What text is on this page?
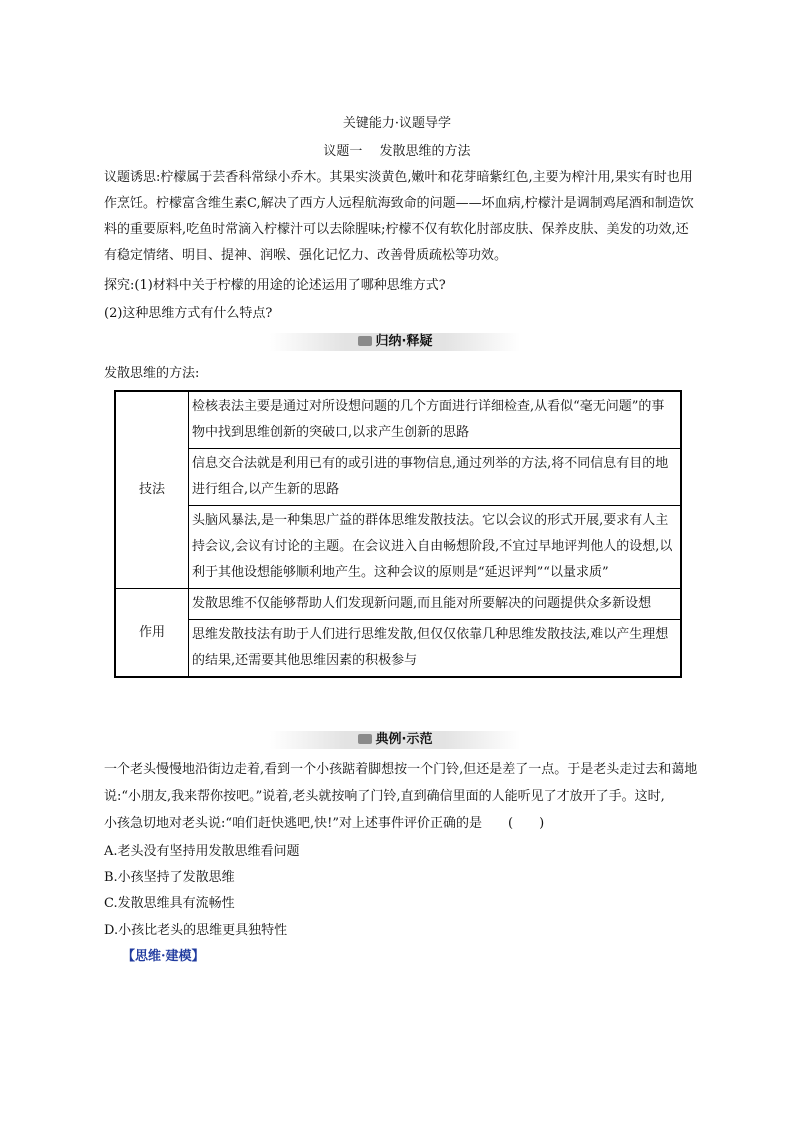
关键能力·议题导学
议题一　 发散思维的方法
议题诱思:柠檬属于芸香科常绿小乔木。其果实淡黄色,嫩叶和花芽暗紫红色,主要为榨汁用,果实有时也用
作烹饪。柠檬富含维生素C,解决了西方人远程航海致命的问题——坏血病,柠檬汁是调制鸡尾酒和制造饮
料的重要原料,吃鱼时常滴入柠檬汁可以去除腥味;柠檬不仅有软化肘部皮肤、保养皮肤、美发的功效,还
有稳定情绪、明目、提神、润喉、强化记忆力、改善骨质疏松等功效。
探究:(1)材料中关于柠檬的用途的论述运用了哪种思维方式?
(2)这种思维方式有什么特点?
归纳·释疑
发散思维的方法:
技法	检核表法主要是通过对所设想问题的几个方面进行详细检查,从看似“毫无问题”的事物中找到思维创新的突破口,以求产生创新的思路
	信息交合法就是利用已有的或引进的事物信息,通过列举的方法,将不同信息有目的地进行组合,以产生新的思路
	头脑风暴法,是一种集思广益的群体思维发散技法。它以会议的形式开展,要求有人主持会议,会议有讨论的主题。在会议进入自由畅想阶段,不宜过早地评判他人的设想,以利于其他设想能够顺利地产生。这种会议的原则是“延迟评判”“以量求质”
作用	发散思维不仅能够帮助人们发现新问题,而且能对所要解决的问题提供众多新设想
	思维发散技法有助于人们进行思维发散,但仅仅依靠几种思维发散技法,难以产生理想的结果,还需要其他思维因素的积极参与
典例·示范
一个老头慢慢地沿街边走着,看到一个小孩踮着脚想按一个门铃,但还是差了一点。于是老头走过去和蔼地
说:“小朋友,我来帮你按吧。”说着,老头就按响了门铃,直到确信里面的人能听见了才放开了手。这时,
小孩急切地对老头说:“咱们赶快逃吧,快!”对上述事件评价正确的是　　(　　)
A.老头没有坚持用发散思维看问题
B.小孩坚持了发散思维
C.发散思维具有流畅性
D.小孩比老头的思维更具独特性
【思维·建模】
